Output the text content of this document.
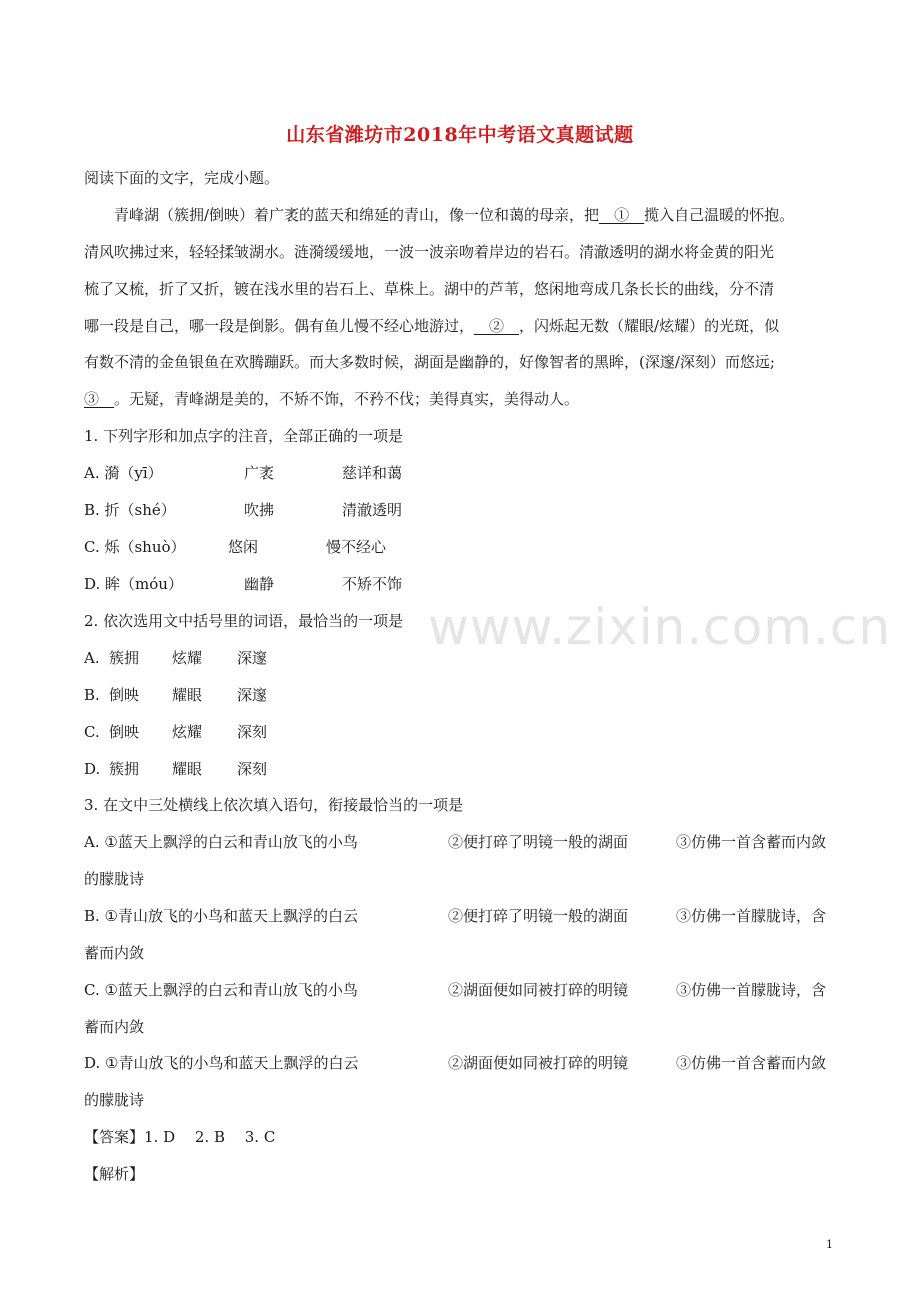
山东省潍坊市2018年中考语文真题试题
阅读下面的文字，完成小题。
青峰湖（簇拥/倒映）着广袤的蓝天和绵延的青山，像一位和蔼的母亲，把__①__揽入自己温暖的怀抱。
清风吹拂过来，轻轻揉皱湖水。涟漪缓缓地，一波一波亲吻着岸边的岩石。清澈透明的湖水将金黄的阳光
梳了又梳，折了又折，镀在浅水里的岩石上、草株上。湖中的芦苇，悠闲地弯成几条长长的曲线，分不清
哪一段是自己，哪一段是倒影。偶有鱼儿慢不经心地游过，__②__，闪烁起无数（耀眼/炫耀）的光斑，似
有数不清的金鱼银鱼在欢腾蹦跃。而大多数时候，湖面是幽静的，好像智者的黑眸，(深邃/深刻）而悠远;
③__。无疑，青峰湖是美的，不矫不饰，不矜不伐；美得真实，美得动人。
1. 下列字形和加点字的注音，全部正确的一项是
A. 漪（yī）	广袤	慈详和蔼
B. 折（shé）	吹拂	清澈透明
C. 烁（shuò）	悠闲	慢不经心
D. 眸（móu）	幽静	不矫不饰
2. 依次选用文中括号里的词语，最恰当的一项是
A. 簇拥 炫耀 深邃
B. 倒映 耀眼 深邃
C. 倒映 炫耀 深刻
D. 簇拥 耀眼 深刻
3. 在文中三处横线上依次填入语句，衔接最恰当的一项是
A. ①蓝天上飘浮的白云和青山放飞的小鸟	②便打碎了明镜一般的湖面	③仿佛一首含蓄而内敛
的朦胧诗
B. ①青山放飞的小鸟和蓝天上飘浮的白云	②便打碎了明镜一般的湖面	③仿佛一首朦胧诗，含
蓄而内敛
C. ①蓝天上飘浮的白云和青山放飞的小鸟	②湖面便如同被打碎的明镜	③仿佛一首朦胧诗，含
蓄而内敛
D. ①青山放飞的小鸟和蓝天上飘浮的白云	②湖面便如同被打碎的明镜	③仿佛一首含蓄而内敛
的朦胧诗
【答案】1. D　 2. B　 3. C
【解析】
www.zixin.com.cn
1
